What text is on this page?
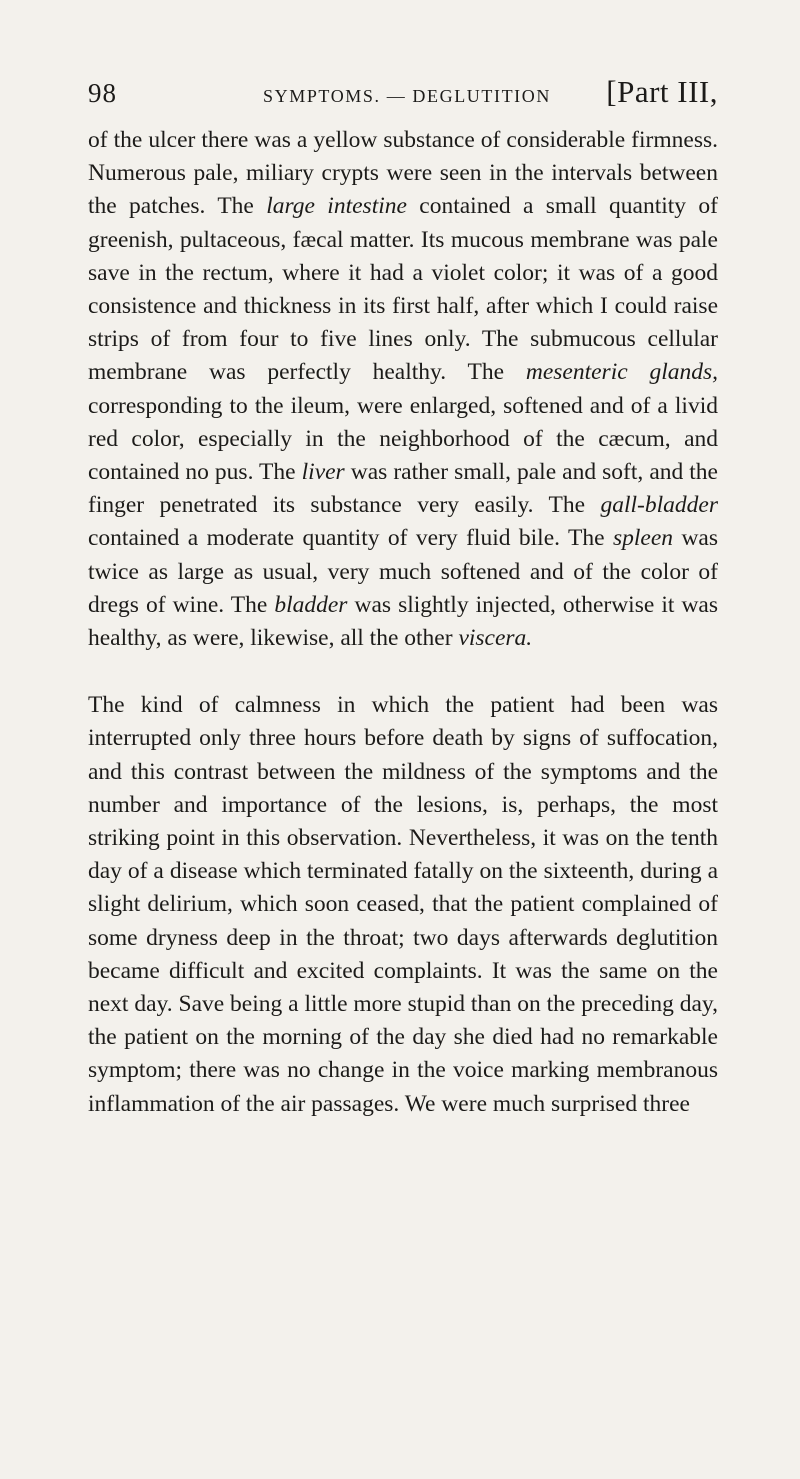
98	SYMPTOMS. — DEGLUTITION [Part III,

of the ulcer there was a yellow substance of considerable firmness. Numerous pale, miliary crypts were seen in the intervals between the patches. The large intestine contained a small quantity of greenish, pultaceous, fæcal matter. Its mucous membrane was pale save in the rectum, where it had a violet color; it was of a good consistence and thickness in its first half, after which I could raise strips of from four to five lines only. The submucous cellular membrane was perfectly healthy. The mesenteric glands, corresponding to the ileum, were enlarged, softened and of a livid red color, especially in the neighborhood of the cæcum, and contained no pus. The liver was rather small, pale and soft, and the finger penetrated its substance very easily. The gall-bladder contained a moderate quantity of very fluid bile. The spleen was twice as large as usual, very much softened and of the color of dregs of wine. The bladder was slightly injected, otherwise it was healthy, as were, likewise, all the other viscera.

The kind of calmness in which the patient had been was interrupted only three hours before death by signs of suffocation, and this contrast between the mildness of the symptoms and the number and importance of the lesions, is, perhaps, the most striking point in this observation. Nevertheless, it was on the tenth day of a disease which terminated fatally on the sixteenth, during a slight delirium, which soon ceased, that the patient complained of some dryness deep in the throat; two days afterwards deglutition became difficult and excited complaints. It was the same on the next day. Save being a little more stupid than on the preceding day, the patient on the morning of the day she died had no remarkable symptom; there was no change in the voice marking membranous inflammation of the air passages. We were much surprised three
